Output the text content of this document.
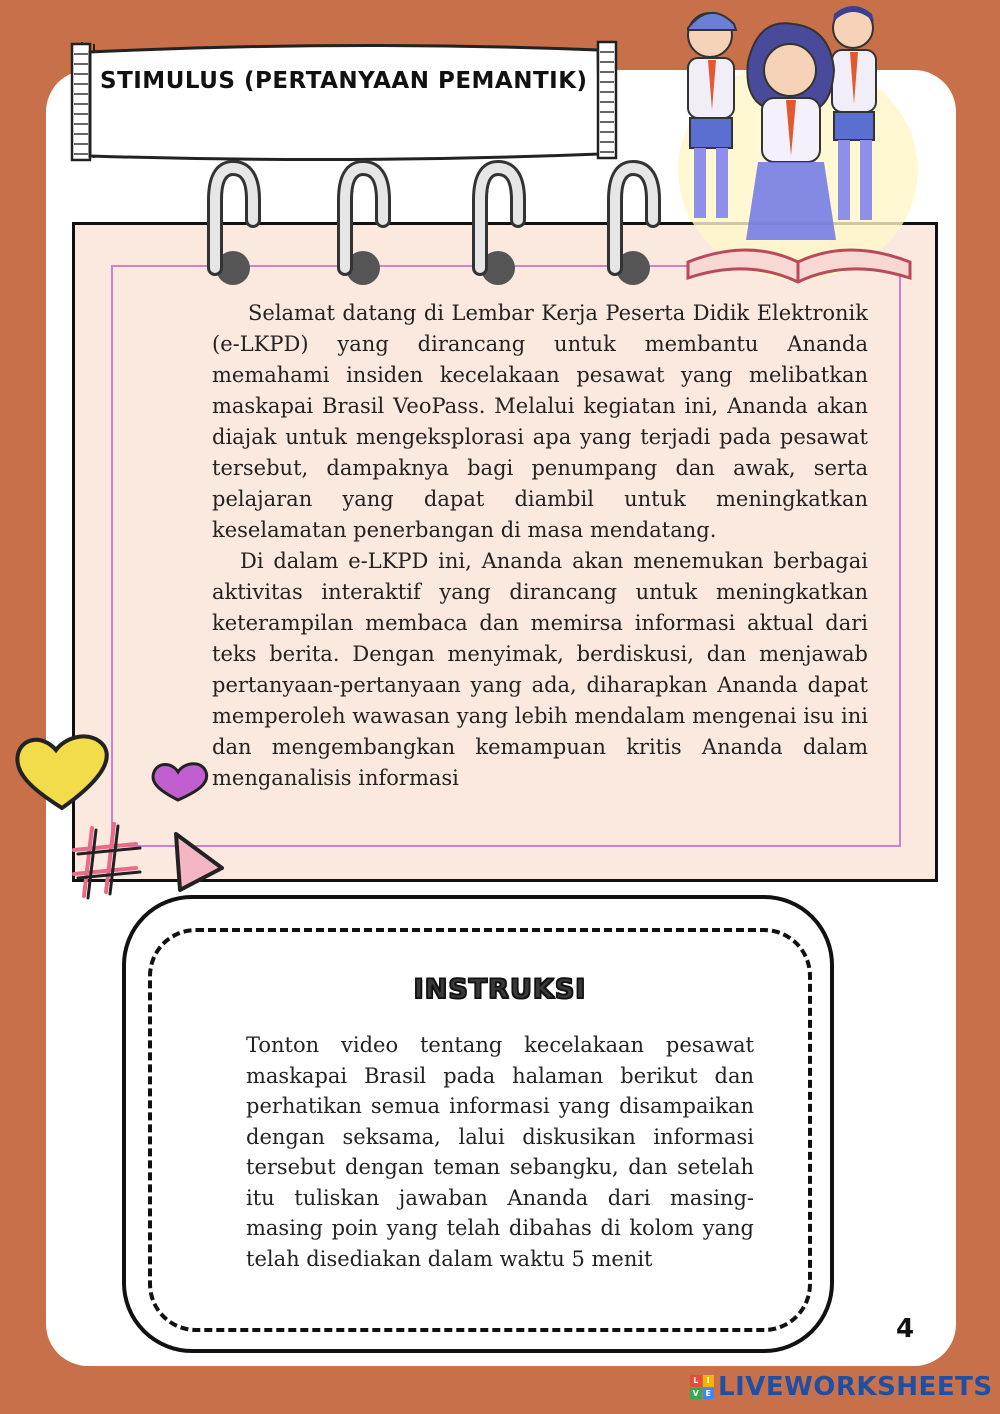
STIMULUS (PERTANYAAN PEMANTIK)

Selamat datang di Lembar Kerja Peserta Didik Elektronik (e-LKPD) yang dirancang untuk membantu Ananda memahami insiden kecelakaan pesawat yang melibatkan maskapai Brasil VeoPass. Melalui kegiatan ini, Ananda akan diajak untuk mengeksplorasi apa yang terjadi pada pesawat tersebut, dampaknya bagi penumpang dan awak, serta pelajaran yang dapat diambil untuk meningkatkan keselamatan penerbangan di masa mendatang.

Di dalam e-LKPD ini, Ananda akan menemukan berbagai aktivitas interaktif yang dirancang untuk meningkatkan keterampilan membaca dan memirsa informasi aktual dari teks berita. Dengan menyimak, berdiskusi, dan menjawab pertanyaan-pertanyaan yang ada, diharapkan Ananda dapat memperoleh wawasan yang lebih mendalam mengenai isu ini dan mengembangkan kemampuan kritis Ananda dalam menganalisis informasi

INSTRUKSI

Tonton video tentang kecelakaan pesawat maskapai Brasil pada halaman berikut dan perhatikan semua informasi yang disampaikan dengan seksama, lalui diskusikan informasi tersebut dengan teman sebangku, dan setelah itu tuliskan jawaban Ananda dari masing-masing poin yang telah dibahas di kolom yang telah disediakan dalam waktu 5 menit

4
L	I
V E LIVEWORKSHEETS
